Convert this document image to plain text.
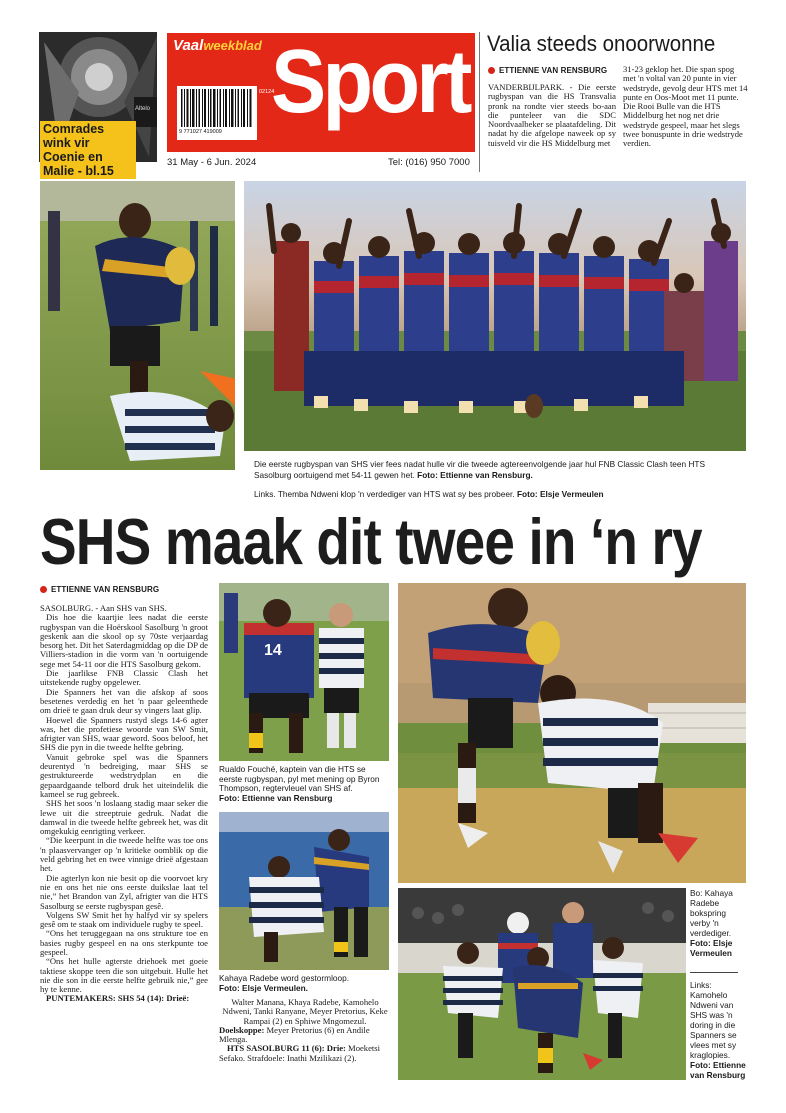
Altelo
Comrades wink vir Coenie en Malie - bl.15
Vaalweekblad Sport
9 771027 419009
02124
31 May - 6 Jun. 2024	Tel: (016) 950 7000
Valia steeds onoorwonne
ETTIENNE VAN RENSBURG
VANDERBIJLPARK. - Die eerste rugbyspan van die HS Transvalia pronk na rondte vier steeds bo-aan die punteleer van die SDC Noordvaalbeker se plaatafdeling. Dit nadat hy die afgelope naweek op sy tuisveld vir die HS Middelburg met
31-23 geklop het. Die span spog met 'n voltal van 20 punte in vier wedstryde, gevolg deur HTS met 14 punte en Oos-Moot met 11 punte.
Die Rooi Bulle van die HTS Middelburg het nog net drie wedstryde gespeel, maar het slegs twee bonuspunte in drie wedstryde verdien.
Die eerste rugbyspan van SHS vier fees nadat hulle vir die tweede agtereenvolgende jaar hul FNB Classic Clash teen HTS Sasolburg oortuigend met 54-11 gewen het. Foto: Ettienne van Rensburg.
Links. Themba Ndweni klop 'n verdediger van HTS wat sy bes probeer. Foto: Elsje Vermeulen
SHS maak dit twee in ‘n ry
ETTIENNE VAN RENSBURG

SASOLBURG. - Aan SHS van SHS.

Dis hoe die kaartjie lees nadat die eerste rugbyspan van die Hoërskool Sasolburg 'n groot geskenk aan die skool op sy 70ste verjaardag besorg het. Dit het Saterdagmiddag op die DP de Villiers-stadion in die vorm van 'n oortuigende sege met 54-11 oor die HTS Sasolburg gekom.

Die jaarlikse FNB Classic Clash het uitstekende rugby opgelewer.

Die Spanners het van die afskop af soos besetenes verdedig en het 'n paar geleenthede om drieë te gaan druk deur sy vingers laat glip.

Hoewel die Spanners rustyd slegs 14-6 agter was, het die profetiese woorde van SW Smit, afrigter van SHS, waar geword. Soos beloof, het SHS die pyn in die tweede helfte gebring.

Vanuit gebroke spel was die Spanners deurentyd 'n bedreiging, maar SHS se gestruktureerde wedstrydplan en die gepaardgaande telbord druk het uiteindelik die kameel se rug gebreek.

SHS het soos 'n loslaang stadig maar seker die lewe uit die streeptruie gedruk. Nadat die damwal in die tweede helfte gebreek het, was dit omgekukig eenrigting verkeer.

“Die keerpunt in die tweede helfte was toe ons 'n plaasvervanger op 'n kritieke oomblik op die veld gebring het en twee vinnige drieë afgestaan het.

Die agterlyn kon nie besit op die voorvoet kry nie en ons het nie ons eerste duikslae laat tel nie,” het Brandon van Zyl, afrigter van die HTS Sasolburg se eerste rugbyspan gesê.

Volgens SW Smit het hy halfyd vir sy spelers gesê om te staak om individuele rugby te speel.

“Ons het teruggegaan na ons strukture toe en basies rugby gespeel en na ons sterkpunte toe gespeel.

“Ons het hulle agterste driehoek met goeie taktiese skoppe teen die son uitgebuit. Hulle het nie die son in die eerste helfte gebruik nie,” gee hy te kenne.

PUNTEMAKERS: SHS 54 (14): Drieë:

14
Rualdo Fouché, kaptein van die HTS se eerste rugbyspan, pyl met mening op Byron Thompson, regtervleuel van SHS af.
Foto: Ettienne van Rensburg
Kahaya Radebe word gestormloop.
Foto: Elsje Vermeulen.

Walter Manana, Khaya Radebe, Kamohelo Ndweni, Tanki Ranyane, Meyer Pretorius, Keke Rampai (2) en Sphiwe Mngomezul.

Doelskoppe: Meyer Pretorius (6) en Andile Mlenga.

HTS SASOLBURG 11 (6): Drie: Moeketsi Sefako. Strafdoele: Inathi Mzilikazi (2).

Bo: Kahaya Radebe bokspring verby 'n verdediger.
Foto: Elsje Vermeulen
Links: Kamohelo Ndweni van SHS was 'n doring in die Spanners se vlees met sy kraglopies.
Foto: Ettienne van Rensburg
